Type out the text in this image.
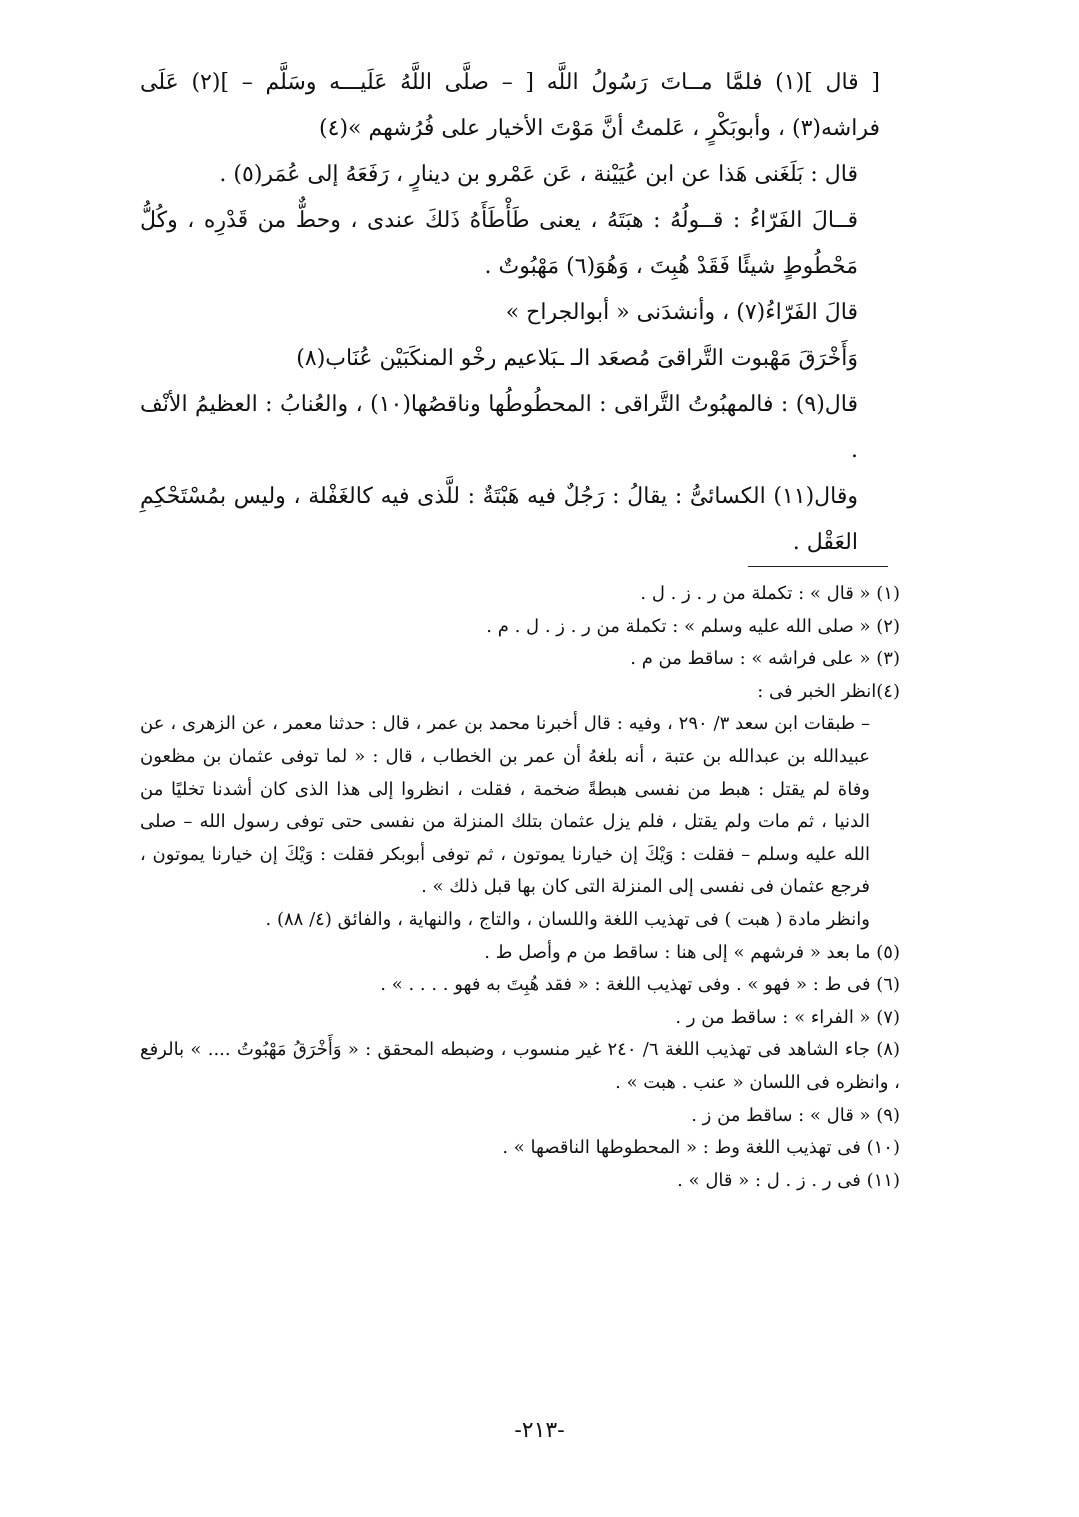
[ قال ](١) فلمَّا مــاتَ رَسُولُ اللَّه [ – صلَّى اللَّهُ عَلَيـــه وسَلَّم – ](٢) عَلَى فراشه(٣) ، وأبوبَكْرٍ ، عَلمتُ أنَّ مَوْتَ الأخيار على فُرُشهم »(٤)

قال : بَلَغَنى هَذا عن ابن عُيَيْنة ، عَن عَمْرو بن دينارٍ ، رَفَعَهُ إلى عُمَر(٥) .

قــالَ الفَرّاءُ : قــولُهُ : هبَتَهُ ، يعنى طَأْطَأَهُ ذَلكَ عندى ، وحطٌّ من قَدْرِه ، وكُلُّ مَحْطُوطٍ شيئًا فَقَدْ هُبِتَ ، وَهُوَ(٦) مَهْبُوتٌ .

قالَ الفَرّاءُ(٧) ، وأنشدَنى « أبوالجراح »

وَأَخْرَقَ مَهْبوت التَّراقىَ مُصعَد الـ ـبَلاعيم رخْو المنكَبَيْن عُنَاب(٨)

قال(٩) : فالمهبُوتُ التَّراقى : المحطُوطُها وناقصُها(١٠) ، والعُنابُ : العظيمُ الأنْف .

وقال(١١) الكسائىُّ : يقالُ : رَجُلٌ فيه هَبْتَةٌ : للَّذى فيه كالغَفْلة ، وليس بمُسْتَحْكِمِ العَقْل .

(١) « قال » : تكملة من ر . ز . ل .

(٢) « صلى الله عليه وسلم » : تكملة من ر . ز . ل . م .

(٣) « على فراشه » : ساقط من م .

(٤)انظر الخبر فى :

– طبقات ابن سعد ٣/ ٢٩٠ ، وفيه : قال أخبرنا محمد بن عمر ، قال : حدثنا معمر ، عن الزهرى ، عن عبيدالله بن عبدالله بن عتبة ، أنه بلغهُ أن عمر بن الخطاب ، قال : « لما توفى عثمان بن مظعون وفاة لم يقتل : هبط من نفسى هبطةً ضخمة ، فقلت ، انظروا إلى هذا الذى كان أشدنا تخليًا من الدنيا ، ثم مات ولم يقتل ، فلم يزل عثمان بتلك المنزلة من نفسى حتى توفى رسول الله – صلى الله عليه وسلم – فقلت : وَيْكَ إن خيارنا يموتون ، ثم توفى أبوبكر فقلت : وَيْكَ إن خيارنا يموتون ، فرجع عثمان فى نفسى إلى المنزلة التى كان بها قبل ذلك » .

وانظر مادة ( هبت ) فى تهذيب اللغة واللسان ، والتاج ، والنهاية ، والفائق (٤/ ٨٨) .

(٥) ما بعد « فرشهم » إلى هنا : ساقط من م وأصل ط .

(٦) فى ط : « فهو » . وفى تهذيب اللغة : « فقد هُبِتَ به فهو . . . . » .

(٧) « الفراء » : ساقط من ر .

(٨) جاء الشاهد فى تهذيب اللغة ٦/ ٢٤٠ غير منسوب ، وضبطه المحقق : « وَأَخْرَقُ مَهْبُوتُ .... » بالرفع ، وانظره فى اللسان « عنب . هبت » .

(٩) « قال » : ساقط من ز .

(١٠) فى تهذيب اللغة وط : « المحطوطها الناقصها » .

(١١) فى ر . ز . ل : « قال » .

-٢١٣-
